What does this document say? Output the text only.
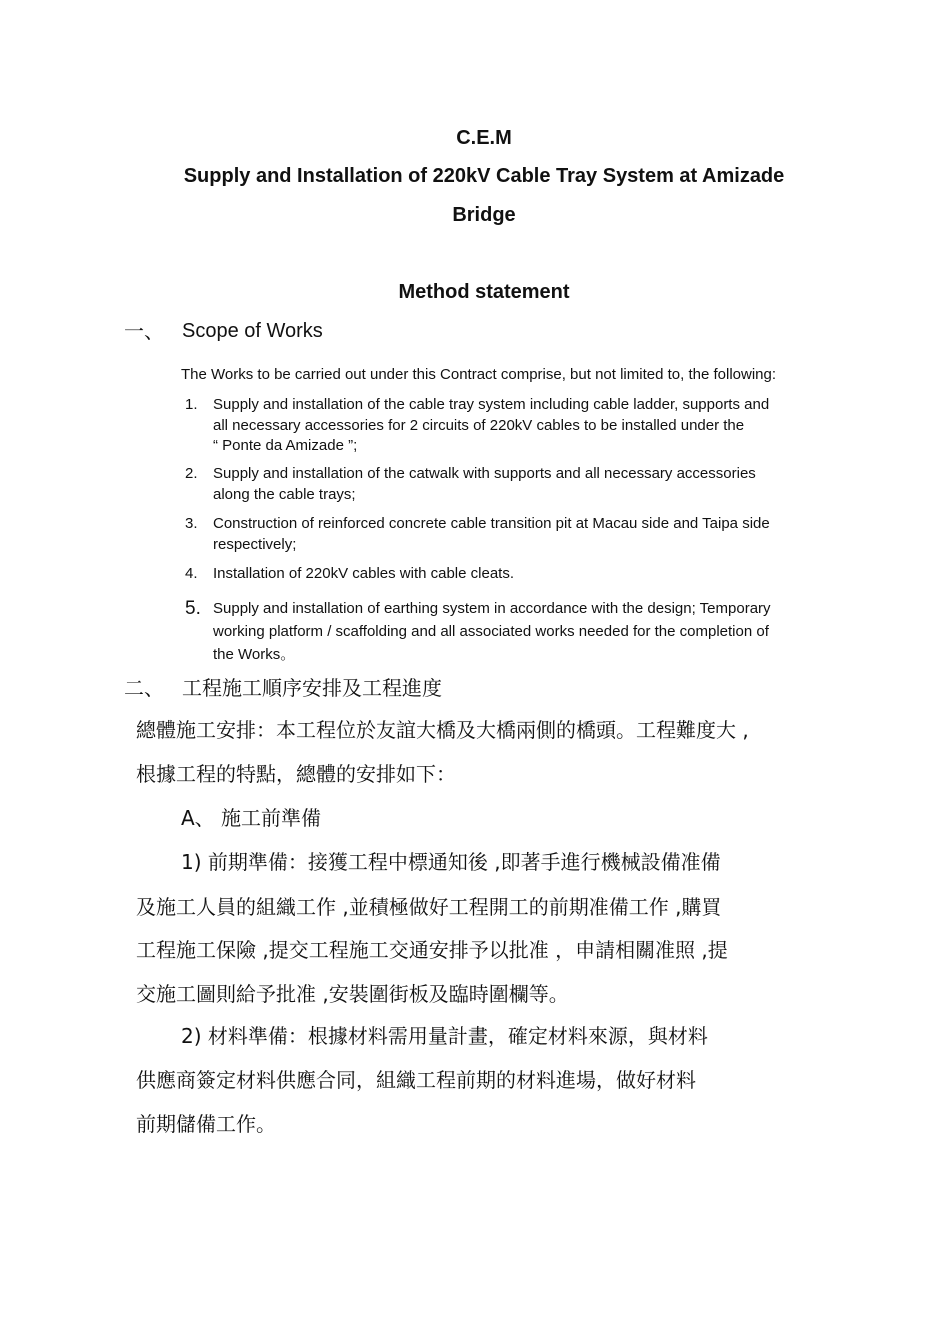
C.E.M
Supply and Installation of 220kV Cable Tray System at Amizade
Bridge
Method statement
一、 Scope of Works
The Works to be carried out under this Contract comprise, but not limited to, the following:
1.	Supply and installation of the cable tray system including cable ladder, supports and
all necessary accessories for 2 circuits of 220kV cables to be installed under the
“ Ponte da Amizade ”;
2.	Supply and installation of the catwalk with supports and all necessary accessories
along the cable trays;
3.	Construction of reinforced concrete cable transition pit at Macau side and Taipa side
respectively;
4.	Installation of 220kV cables with cable cleats.
5. Supply and installation of earthing system in accordance with the design; Temporary
working platform / scaffolding and all associated works needed for the completion of
the Works。
二、 工程施工順序安排及工程進度
總體施工安排：本工程位於友誼大橋及大橋兩側的橋頭。工程難度大 ,
根據工程的特點，總體的安排如下：
A、 施工前準備
1) 前期準備：接獲工程中標通知後 ,即著手進行機械設備准備
及施工人員的組織工作 ,並積極做好工程開工的前期准備工作 ,購買
工程施工保險 ,提交工程施工交通安排予以批准 ，申請相關准照 ,提
交施工圖則給予批准 ,安裝圍街板及臨時圍欄等。
2) 材料準備：根據材料需用量計畫，確定材料來源，與材料
供應商簽定材料供應合同，組織工程前期的材料進場，做好材料
前期儲備工作。
